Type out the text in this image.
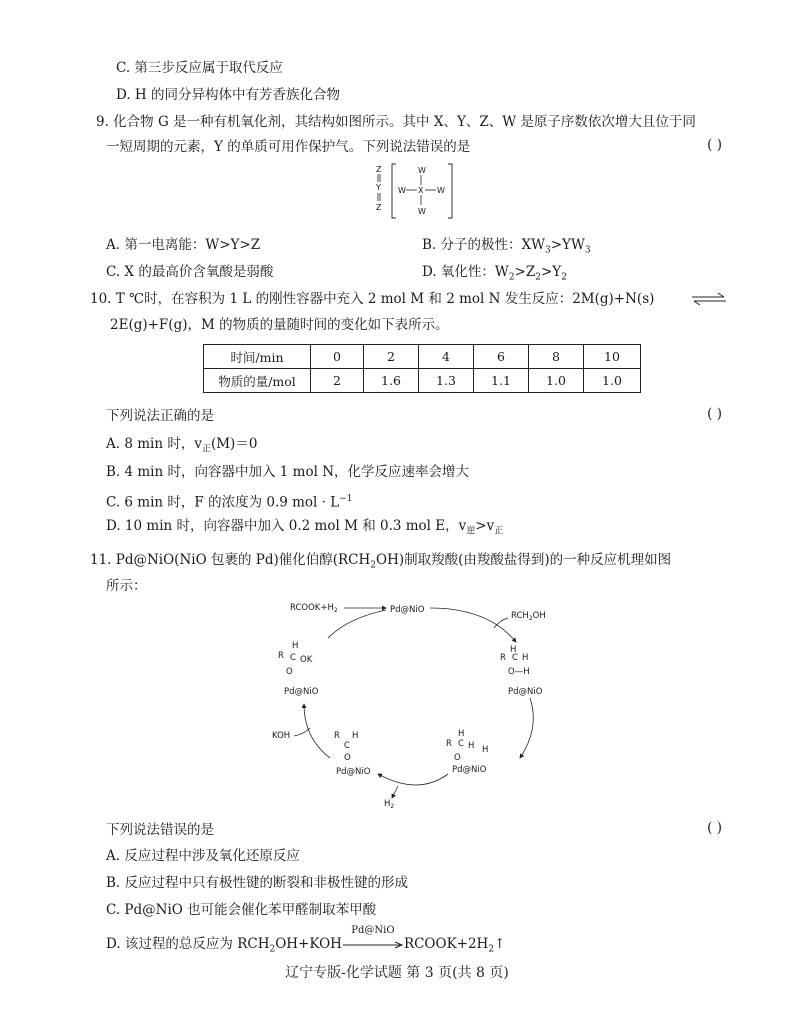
C. 第三步反应属于取代反应
D. H 的同分异构体中有芳香族化合物
9. 化合物 G 是一种有机氧化剂，其结构如图所示。其中 X、Y、Z、W 是原子序数依次增大且位于同
一短周期的元素，Y 的单质可用作保护气。下列说法错误的是	( )
Z
Y
Z
W
W X W
W
A. 第一电离能：W>Y>Z	B. 分子的极性：$XW_3>YW_3$
C. X 的最高价含氧酸是弱酸	D. 氧化性：$W_2>Z_2>Y_2$
10. T ℃时，在容积为 1 L 的刚性容器中充入 2 mol M 和 2 mol N 发生反应：2M(g)+N(s)
2E(g)+F(g)，M 的物质的量随时间的变化如下表所示。
时间/min	0	2	4	6	8	10
物质的量/mol	2	1.6	1.3	1.1	1.0	1.0
下列说法正确的是	( )
A. 8 min 时，$v_正(M)=0$
B. 4 min 时，向容器中加入 1 mol N，化学反应速率会增大
C. 6 min 时，F 的浓度为 0.9 mol · $L^{-1}$
D. 10 min 时，向容器中加入 0.2 mol M 和 0.3 mol E，$v_逆>v_正$
11. Pd@NiO(NiO 包裹的 Pd)催化伯醇$(RCH_2OH)$制取羧酸(由羧酸盐得到)的一种反应机理如图
所示：
$RCOOK+H_2$	Pd@NiO
$RCH_2OH$
H
R C OK
O
Pd@NiO
H
R C H
O—H
Pd@NiO
H
R C H
O
H
Pd@NiO
$H_2$
R H
C
O
Pd@NiO
KOH
下列说法错误的是	( )
A. 反应过程中涉及氧化还原反应
B. 反应过程中只有极性键的断裂和非极性键的形成
C. Pd@NiO 也可能会催化苯甲醛制取苯甲酸
D. 该过程的总反应为 $RCH_2OH+KOH$
Pd@NiO
$RCOOK+2H_2↑$
辽宁专版-化学试题 第 3 页(共 8 页)
